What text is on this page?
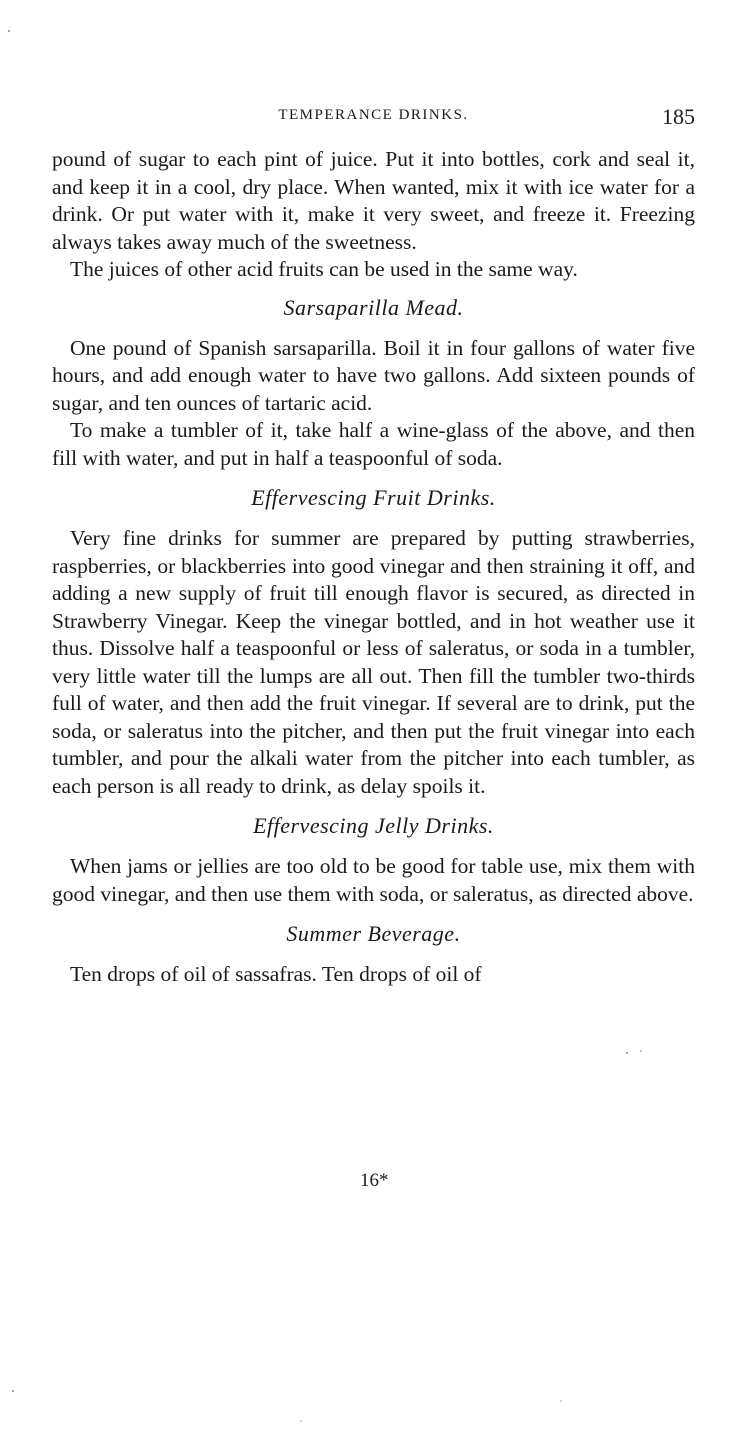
TEMPERANCE DRINKS.	185

pound of sugar to each pint of juice. Put it into bottles, cork and seal it, and keep it in a cool, dry place. When wanted, mix it with ice water for a drink. Or put water with it, make it very sweet, and freeze it. Freezing always takes away much of the sweetness.

The juices of other acid fruits can be used in the same way.

Sarsaparilla Mead.

One pound of Spanish sarsaparilla. Boil it in four gallons of water five hours, and add enough water to have two gallons. Add sixteen pounds of sugar, and ten ounces of tartaric acid.

To make a tumbler of it, take half a wine-glass of the above, and then fill with water, and put in half a teaspoonful of soda.

Effervescing Fruit Drinks.

Very fine drinks for summer are prepared by putting strawberries, raspberries, or blackberries into good vinegar and then straining it off, and adding a new supply of fruit till enough flavor is secured, as directed in Strawberry Vinegar. Keep the vinegar bottled, and in hot weather use it thus. Dissolve half a teaspoonful or less of saleratus, or soda in a tumbler, very little water till the lumps are all out. Then fill the tumbler two-thirds full of water, and then add the fruit vinegar. If several are to drink, put the soda, or saleratus into the pitcher, and then put the fruit vinegar into each tumbler, and pour the alkali water from the pitcher into each tumbler, as each person is all ready to drink, as delay spoils it.

Effervescing Jelly Drinks.

When jams or jellies are too old to be good for table use, mix them with good vinegar, and then use them with soda, or saleratus, as directed above.

Summer Beverage.

Ten drops of oil of sassafras. Ten drops of oil of

16*
